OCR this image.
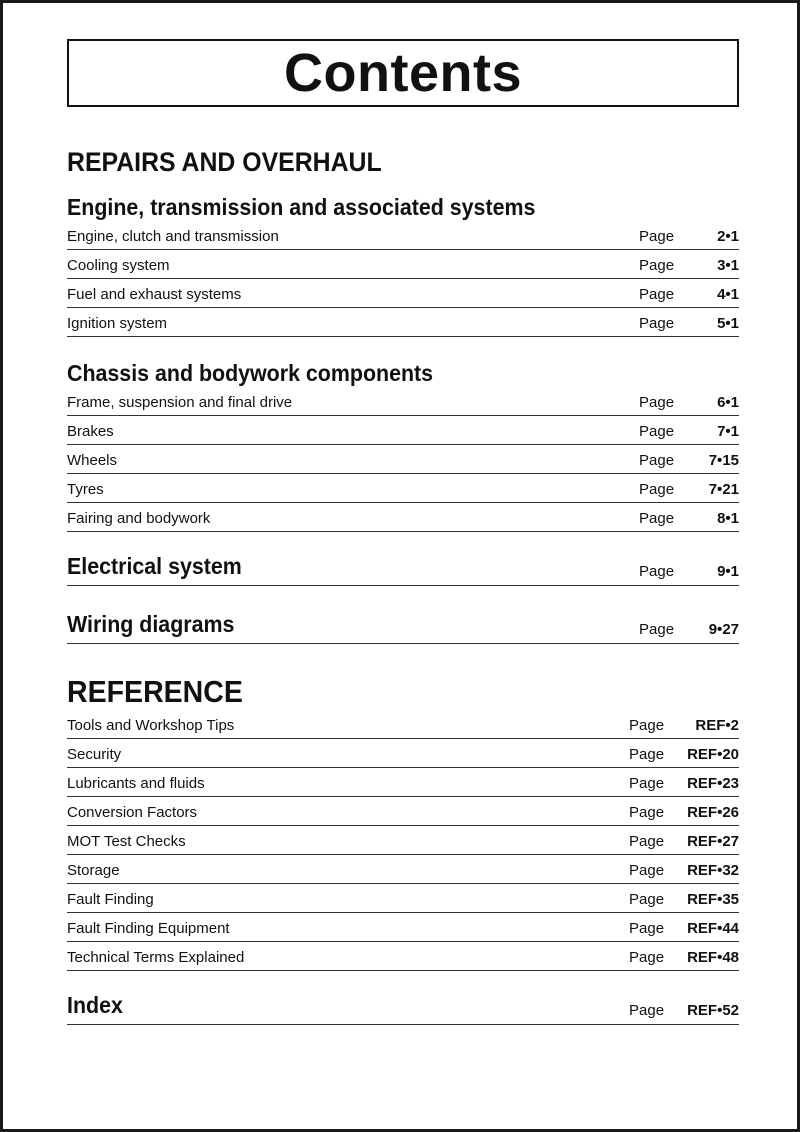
Contents
REPAIRS AND OVERHAUL
Engine, transmission and associated systems
Engine, clutch and transmission	Page	2•1
Cooling system	Page	3•1
Fuel and exhaust systems	Page	4•1
Ignition system	Page	5•1
Chassis and bodywork components
Frame, suspension and final drive	Page	6•1
Brakes	Page	7•1
Wheels	Page	7•15
Tyres	Page	7•21
Fairing and bodywork	Page	8•1
Electrical system	Page	9•1
Wiring diagrams	Page	9•27
REFERENCE
Tools and Workshop Tips	Page	REF•2
Security	Page	REF•20
Lubricants and fluids	Page	REF•23
Conversion Factors	Page	REF•26
MOT Test Checks	Page	REF•27
Storage	Page	REF•32
Fault Finding	Page	REF•35
Fault Finding Equipment	Page	REF•44
Technical Terms Explained	Page	REF•48
Index	Page	REF•52
